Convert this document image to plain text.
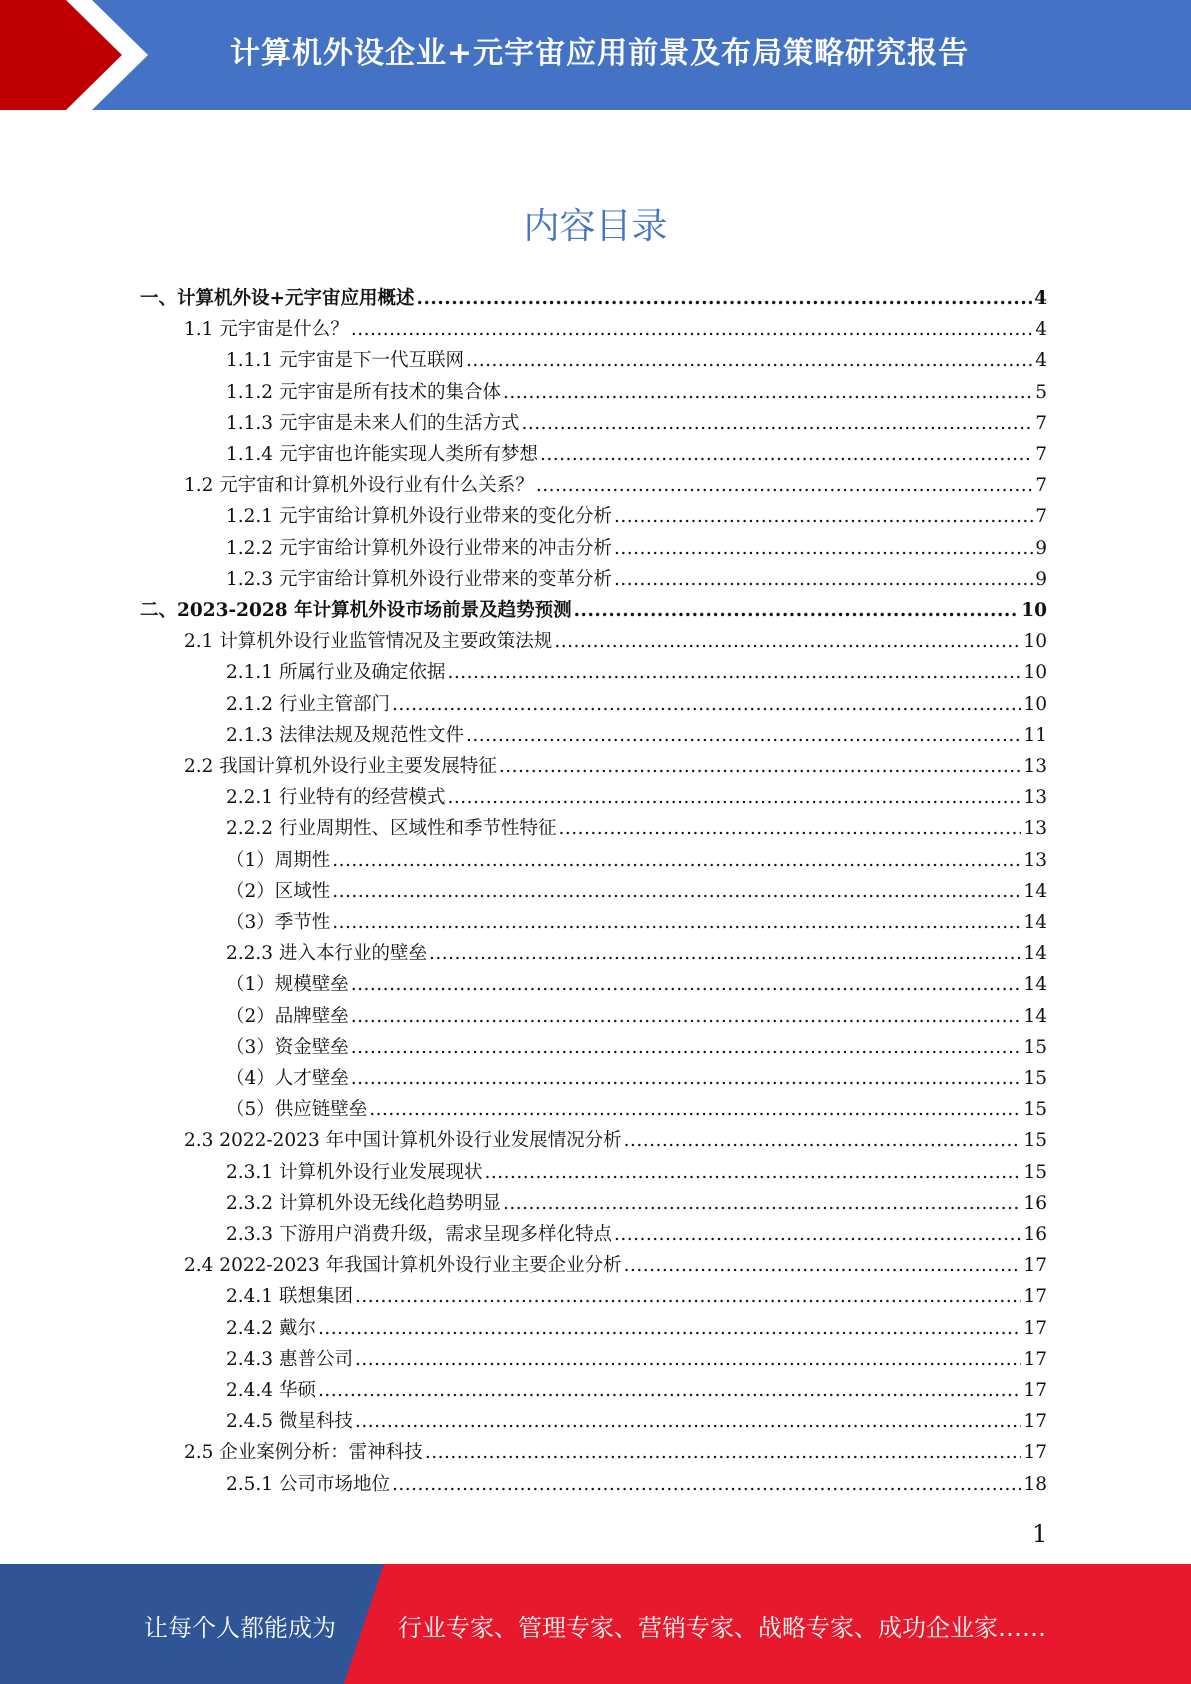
计算机外设企业+元宇宙应用前景及布局策略研究报告
内容目录
一、计算机外设+元宇宙应用概述 .....	4
1.1 元宇宙是什么？ .....	4
1.1.1 元宇宙是下一代互联网 .....	4
1.1.2 元宇宙是所有技术的集合体 .....	5
1.1.3 元宇宙是未来人们的生活方式 .....	7
1.1.4 元宇宙也许能实现人类所有梦想 .....	7
1.2 元宇宙和计算机外设行业有什么关系？ .....	7
1.2.1 元宇宙给计算机外设行业带来的变化分析 .....	7
1.2.2 元宇宙给计算机外设行业带来的冲击分析 .....	9
1.2.3 元宇宙给计算机外设行业带来的变革分析 .....	9
二、2023-2028 年计算机外设市场前景及趋势预测 .....	10
2.1 计算机外设行业监管情况及主要政策法规 .....	10
2.1.1 所属行业及确定依据 .....	10
2.1.2 行业主管部门 .....	10
2.1.3 法律法规及规范性文件 .....	11
2.2 我国计算机外设行业主要发展特征 .....	13
2.2.1 行业特有的经营模式 .....	13
2.2.2 行业周期性、区域性和季节性特征 .....	13
（1）周期性 .....	13
（2）区域性 .....	14
（3）季节性 .....	14
2.2.3 进入本行业的壁垒 .....	14
（1）规模壁垒 .....	14
（2）品牌壁垒 .....	14
（3）资金壁垒 .....	15
（4）人才壁垒 .....	15
（5）供应链壁垒 .....	15
2.3 2022-2023 年中国计算机外设行业发展情况分析 .....	15
2.3.1 计算机外设行业发展现状 .....	15
2.3.2 计算机外设无线化趋势明显 .....	16
2.3.3 下游用户消费升级，需求呈现多样化特点 .....	16
2.4 2022-2023 年我国计算机外设行业主要企业分析 .....	17
2.4.1 联想集团 .....	17
2.4.2 戴尔 .....	17
2.4.3 惠普公司 .....	17
2.4.4 华硕 .....	17
2.4.5 微星科技 .....	17
2.5 企业案例分析：雷神科技 .....	17
2.5.1 公司市场地位 .....	18
1
让每个人都能成为	行业专家、管理专家、营销专家、战略专家、成功企业家……
